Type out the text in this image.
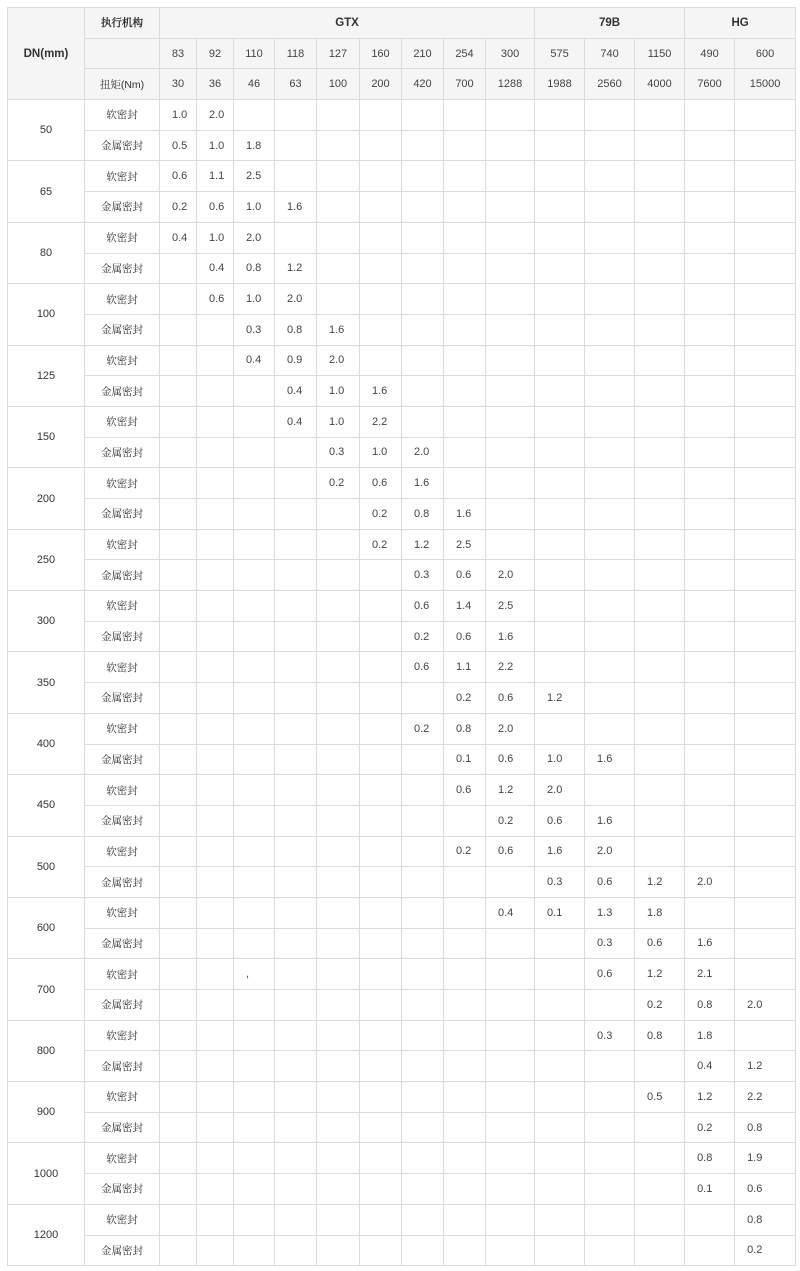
DN(mm)	执行机构	GTX									79B			HG	
		83	92	110	118	127	160	210	254	300	575	740	1150	490	600
	扭矩(Nm)	30	36	46	63	100	200	420	700	1288	1988	2560	4000	7600	15000
50	软密封	1.0	2.0												
	金属密封	0.5	1.0	1.8											
65	软密封	0.6	1.1	2.5											
	金属密封	0.2	0.6	1.0	1.6										
80	软密封	0.4	1.0	2.0											
	金属密封		0.4	0.8	1.2										
100	软密封		0.6	1.0	2.0										
	金属密封			0.3	0.8	1.6									
125	软密封			0.4	0.9	2.0									
	金属密封				0.4	1.0	1.6								
150	软密封				0.4	1.0	2.2								
	金属密封					0.3	1.0	2.0							
200	软密封					0.2	0.6	1.6							
	金属密封						0.2	0.8	1.6						
250	软密封						0.2	1.2	2.5						
	金属密封							0.3	0.6	2.0					
300	软密封							0.6	1.4	2.5					
	金属密封							0.2	0.6	1.6					
350	软密封							0.6	1.1	2.2					
	金属密封								0.2	0.6	1.2				
400	软密封							0.2	0.8	2.0					
	金属密封								0.1	0.6	1.0	1.6			
450	软密封								0.6	1.2	2.0				
	金属密封									0.2	0.6	1.6			
500	软密封								0.2	0.6	1.6	2.0			
	金属密封										0.3	0.6	1.2	2.0	
600	软密封									0.4	0.1	1.3	1.8		
	金属密封											0.3	0.6	1.6	
700	软密封			,								0.6	1.2	2.1	
	金属密封												0.2	0.8	2.0
800	软密封											0.3	0.8	1.8	
	金属密封													0.4	1.2
900	软密封												0.5	1.2	2.2
	金属密封													0.2	0.8
1000	软密封													0.8	1.9
	金属密封													0.1	0.6
1200	软密封														0.8
	金属密封														0.2
